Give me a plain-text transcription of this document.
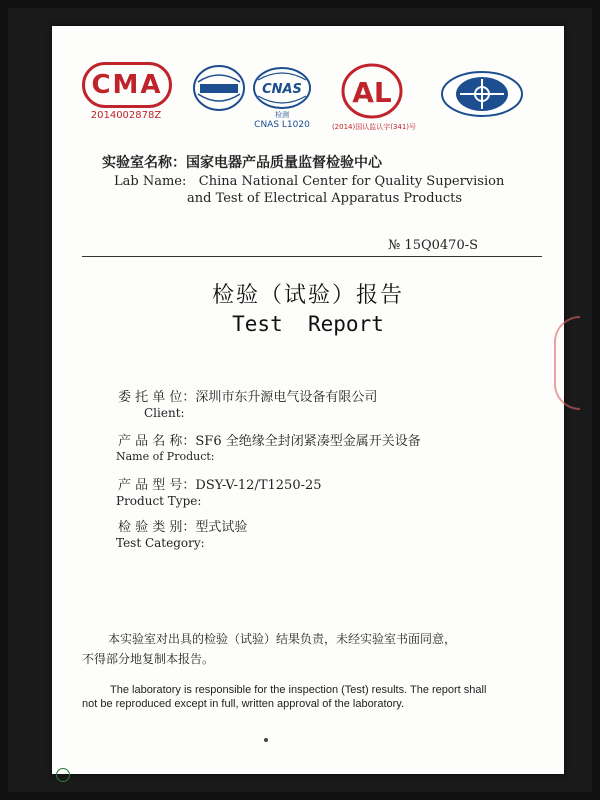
CMA
2014002878Z
CNAS
检测
CNAS L1020
AL
(2014)国认监认字(341)号
实验室名称：国家电器产品质量监督检验中心
Lab Name:   China National Center for Quality Supervision
and Test of Electrical Apparatus Products
№ 15Q0470-S
检验（试验）报告
Test  Report
委 托 单 位：深圳市东升源电气设备有限公司
Client:
产 品 名 称：SF6 全绝缘全封闭紧凑型金属开关设备
Name of Product:
产 品 型 号：DSY-V-12/T1250-25
Product Type:
检 验 类 别：型式试验
Test Category:
本实验室对出具的检验（试验）结果负责，未经实验室书面同意，
不得部分地复制本报告。
The laboratory is responsible for the inspection (Test) results. The report shall
not be reproduced except in full, written approval of the laboratory.
